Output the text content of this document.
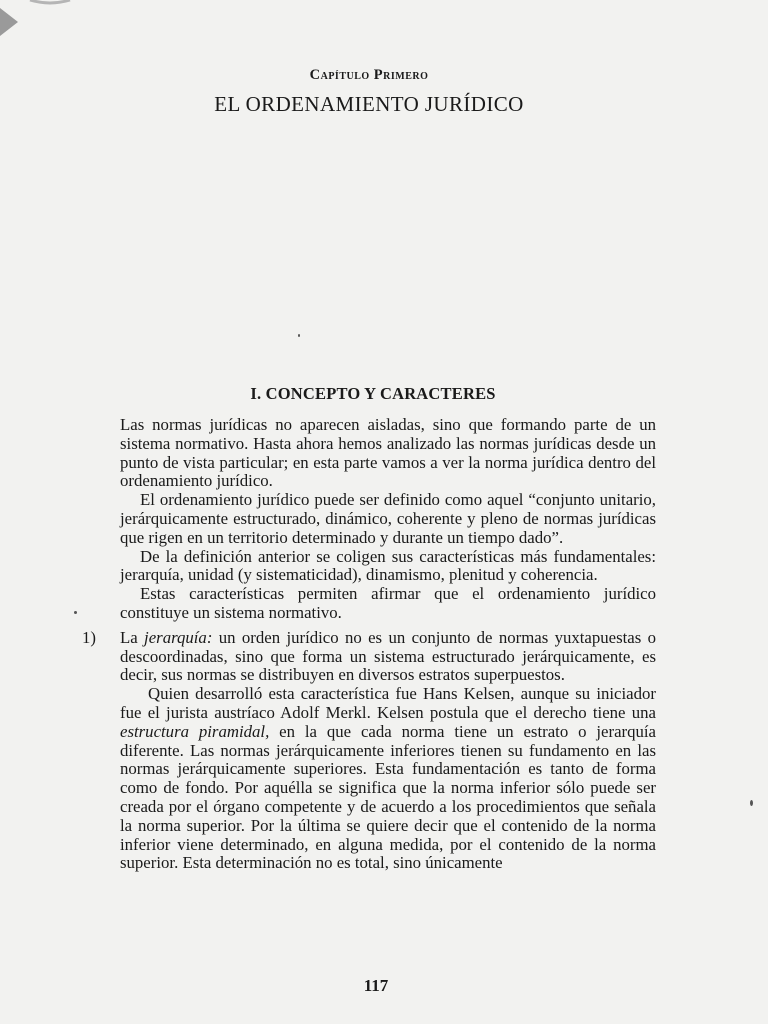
Capítulo Primero
EL ORDENAMIENTO JURÍDICO
I. CONCEPTO Y CARACTERES

Las normas jurídicas no aparecen aisladas, sino que formando parte de un sistema normativo. Hasta ahora hemos analizado las normas jurídicas desde un punto de vista particular; en esta parte vamos a ver la norma jurídica dentro del ordenamiento jurídico.

El ordenamiento jurídico puede ser definido como aquel “conjunto unitario, jerárquicamente estructurado, dinámico, coherente y pleno de normas jurídicas que rigen en un territorio determinado y durante un tiempo dado”.

De la definición anterior se coligen sus características más fundamentales: jerarquía, unidad (y sistematicidad), dinamismo, plenitud y coherencia.

Estas características permiten afirmar que el ordenamiento jurídico constituye un sistema normativo.

1) La jerarquía: un orden jurídico no es un conjunto de normas yuxtapuestas o descoordinadas, sino que forma un sistema estructurado jerárquicamente, es decir, sus normas se distribuyen en diversos estratos superpuestos.

Quien desarrolló esta característica fue Hans Kelsen, aunque su iniciador fue el jurista austríaco Adolf Merkl. Kelsen postula que el derecho tiene una estructura piramidal, en la que cada norma tiene un estrato o jerarquía diferente. Las normas jerárquicamente inferiores tienen su fundamento en las normas jerárquicamente superiores. Esta fundamentación es tanto de forma como de fondo. Por aquélla se significa que la norma inferior sólo puede ser creada por el órgano competente y de acuerdo a los procedimientos que señala la norma superior. Por la última se quiere decir que el contenido de la norma inferior viene determinado, en alguna medida, por el contenido de la norma superior. Esta determinación no es total, sino únicamente

117
